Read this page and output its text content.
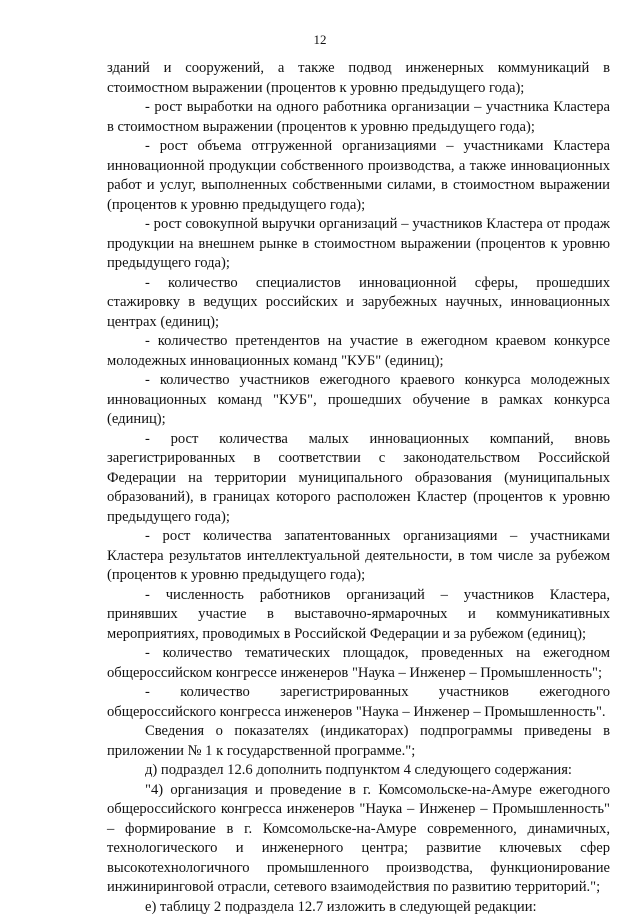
12

зданий и сооружений, а также подвод инженерных коммуникаций в стоимостном выражении (процентов к уровню предыдущего года);

- рост выработки на одного работника организации – участника Кластера в стоимостном выражении (процентов к уровню предыдущего года);

- рост объема отгруженной организациями – участниками Кластера инновационной продукции собственного производства, а также инновационных работ и услуг, выполненных собственными силами, в стоимостном выражении (процентов к уровню предыдущего года);

- рост совокупной выручки организаций – участников Кластера от продаж продукции на внешнем рынке в стоимостном выражении (процентов к уровню предыдущего года);

- количество специалистов инновационной сферы, прошедших стажировку в ведущих российских и зарубежных научных, инновационных центрах (единиц);

- количество претендентов на участие в ежегодном краевом конкурсе молодежных инновационных команд "КУБ" (единиц);

- количество участников ежегодного краевого конкурса молодежных инновационных команд "КУБ", прошедших обучение в рамках конкурса (единиц);

- рост количества малых инновационных компаний, вновь зарегистрированных в соответствии с законодательством Российской Федерации на территории муниципального образования (муниципальных образований), в границах которого расположен Кластер (процентов к уровню предыдущего года);

- рост количества запатентованных организациями – участниками Кластера результатов интеллектуальной деятельности, в том числе за рубежом (процентов к уровню предыдущего года);

- численность работников организаций – участников Кластера, принявших участие в выставочно-ярмарочных и коммуникативных мероприятиях, проводимых в Российской Федерации и за рубежом (единиц);

- количество тематических площадок, проведенных на ежегодном общероссийском конгрессе инженеров "Наука – Инженер – Промышленность";

- количество зарегистрированных участников ежегодного общероссийского конгресса инженеров "Наука – Инженер – Промышленность".

Сведения о показателях (индикаторах) подпрограммы приведены в приложении № 1 к государственной программе.";

д) подраздел 12.6 дополнить подпунктом 4 следующего содержания:

"4) организация и проведение в г. Комсомольске-на-Амуре ежегодного общероссийского конгресса инженеров "Наука – Инженер – Промышленность" – формирование в г. Комсомольске-на-Амуре современного, динамичных, технологического и инженерного центра; развитие ключевых сфер высокотехнологичного промышленного производства, функционирование инжиниринговой отрасли, сетевого взаимодействия по развитию территорий.";

е) таблицу 2 подраздела 12.7 изложить в следующей редакции:
